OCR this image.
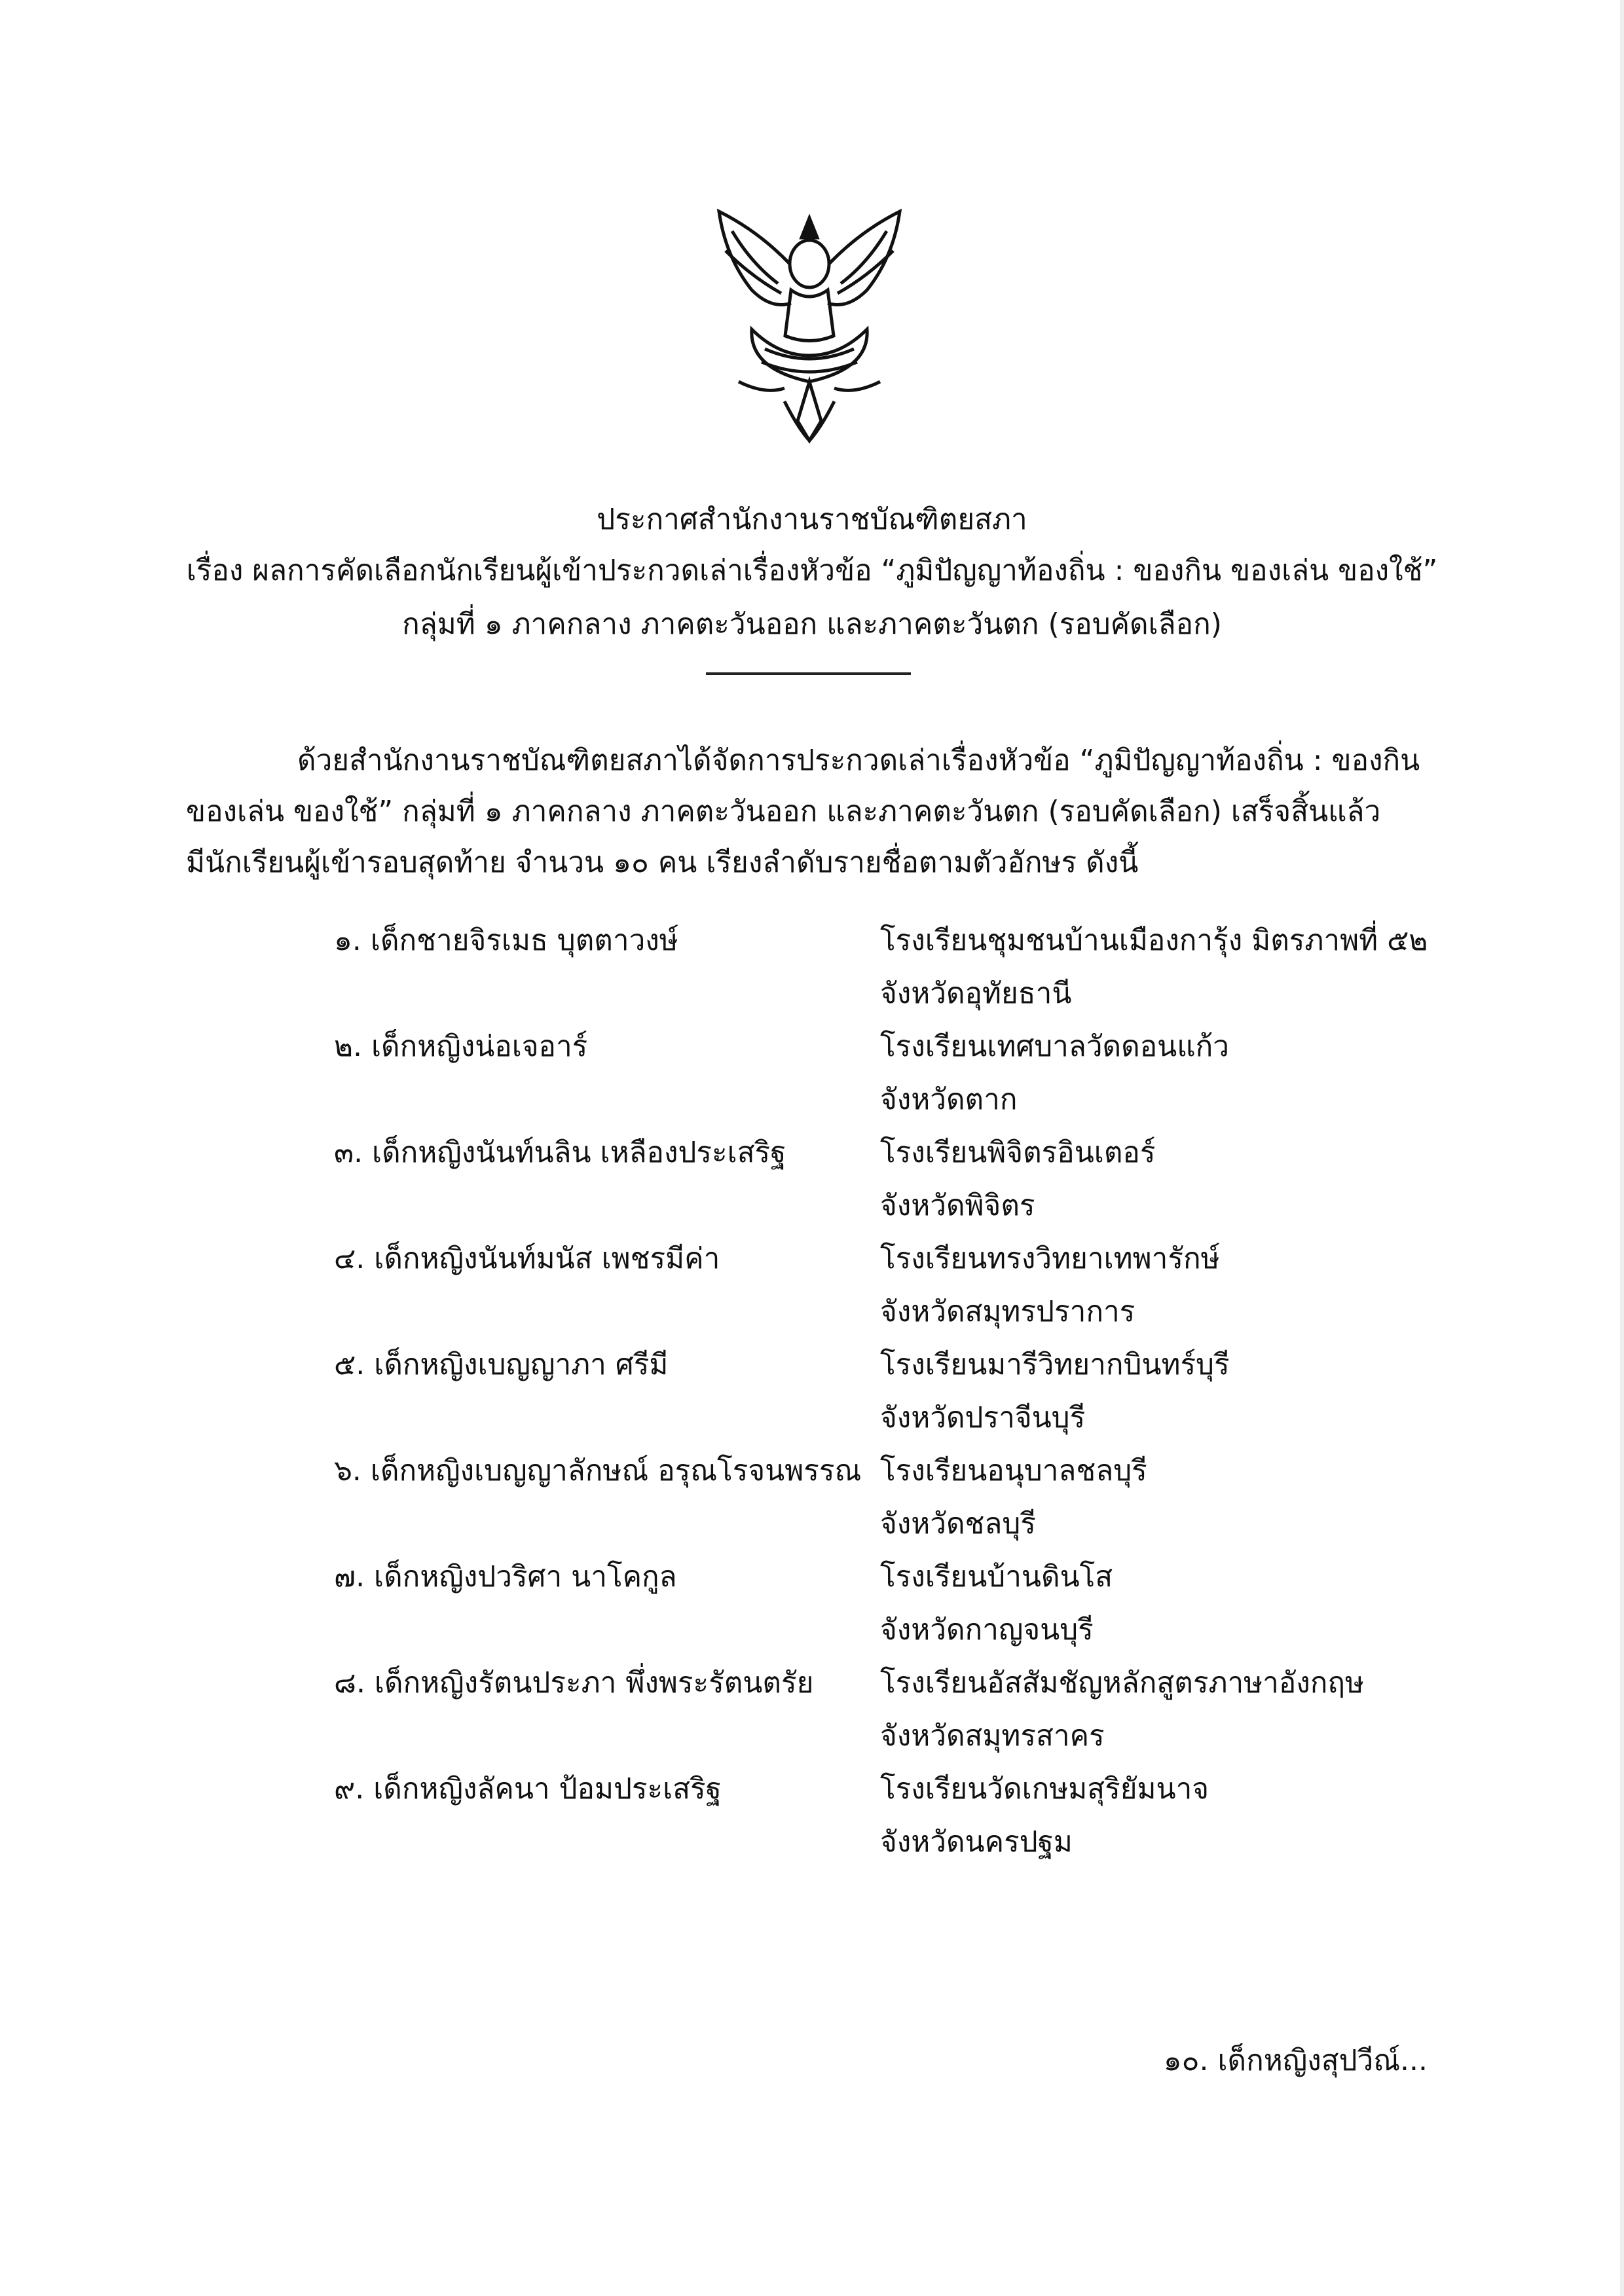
ประกาศสำนักงานราชบัณฑิตยสภา
เรื่อง ผลการคัดเลือกนักเรียนผู้เข้าประกวดเล่าเรื่องหัวข้อ “ภูมิปัญญาท้องถิ่น : ของกิน ของเล่น ของใช้”
กลุ่มที่ ๑ ภาคกลาง ภาคตะวันออก และภาคตะวันตก (รอบคัดเลือก)
ด้วยสำนักงานราชบัณฑิตยสภาได้จัดการประกวดเล่าเรื่องหัวข้อ “ภูมิปัญญาท้องถิ่น : ของกิน
ของเล่น ของใช้” กลุ่มที่ ๑ ภาคกลาง ภาคตะวันออก และภาคตะวันตก (รอบคัดเลือก) เสร็จสิ้นแล้ว
มีนักเรียนผู้เข้ารอบสุดท้าย จำนวน ๑๐ คน เรียงลำดับรายชื่อตามตัวอักษร ดังนี้
๑. เด็กชายจิรเมธ บุตตาวงษ์	โรงเรียนชุมชนบ้านเมืองการุ้ง มิตรภาพที่ ๕๒
จังหวัดอุทัยธานี
๒. เด็กหญิงน่อเจอาร์	โรงเรียนเทศบาลวัดดอนแก้ว
จังหวัดตาก
๓. เด็กหญิงนันท์นลิน เหลืองประเสริฐ	โรงเรียนพิจิตรอินเตอร์
จังหวัดพิจิตร
๔. เด็กหญิงนันท์มนัส เพชรมีค่า	โรงเรียนทรงวิทยาเทพารักษ์
จังหวัดสมุทรปราการ
๕. เด็กหญิงเบญญาภา ศรีมี	โรงเรียนมารีวิทยากบินทร์บุรี
จังหวัดปราจีนบุรี
๖. เด็กหญิงเบญญาลักษณ์ อรุณโรจนพรรณ โรงเรียนอนุบาลชลบุรี
จังหวัดชลบุรี
๗. เด็กหญิงปวริศา นาโคกูล	โรงเรียนบ้านดินโส
จังหวัดกาญจนบุรี
๘. เด็กหญิงรัตนประภา พึ่งพระรัตนตรัย โรงเรียนอัสสัมชัญหลักสูตรภาษาอังกฤษ
จังหวัดสมุทรสาคร
๙. เด็กหญิงลัคนา ป้อมประเสริฐ	โรงเรียนวัดเกษมสุริยัมนาจ
จังหวัดนครปฐม
๑๐. เด็กหญิงสุปวีณ์...
